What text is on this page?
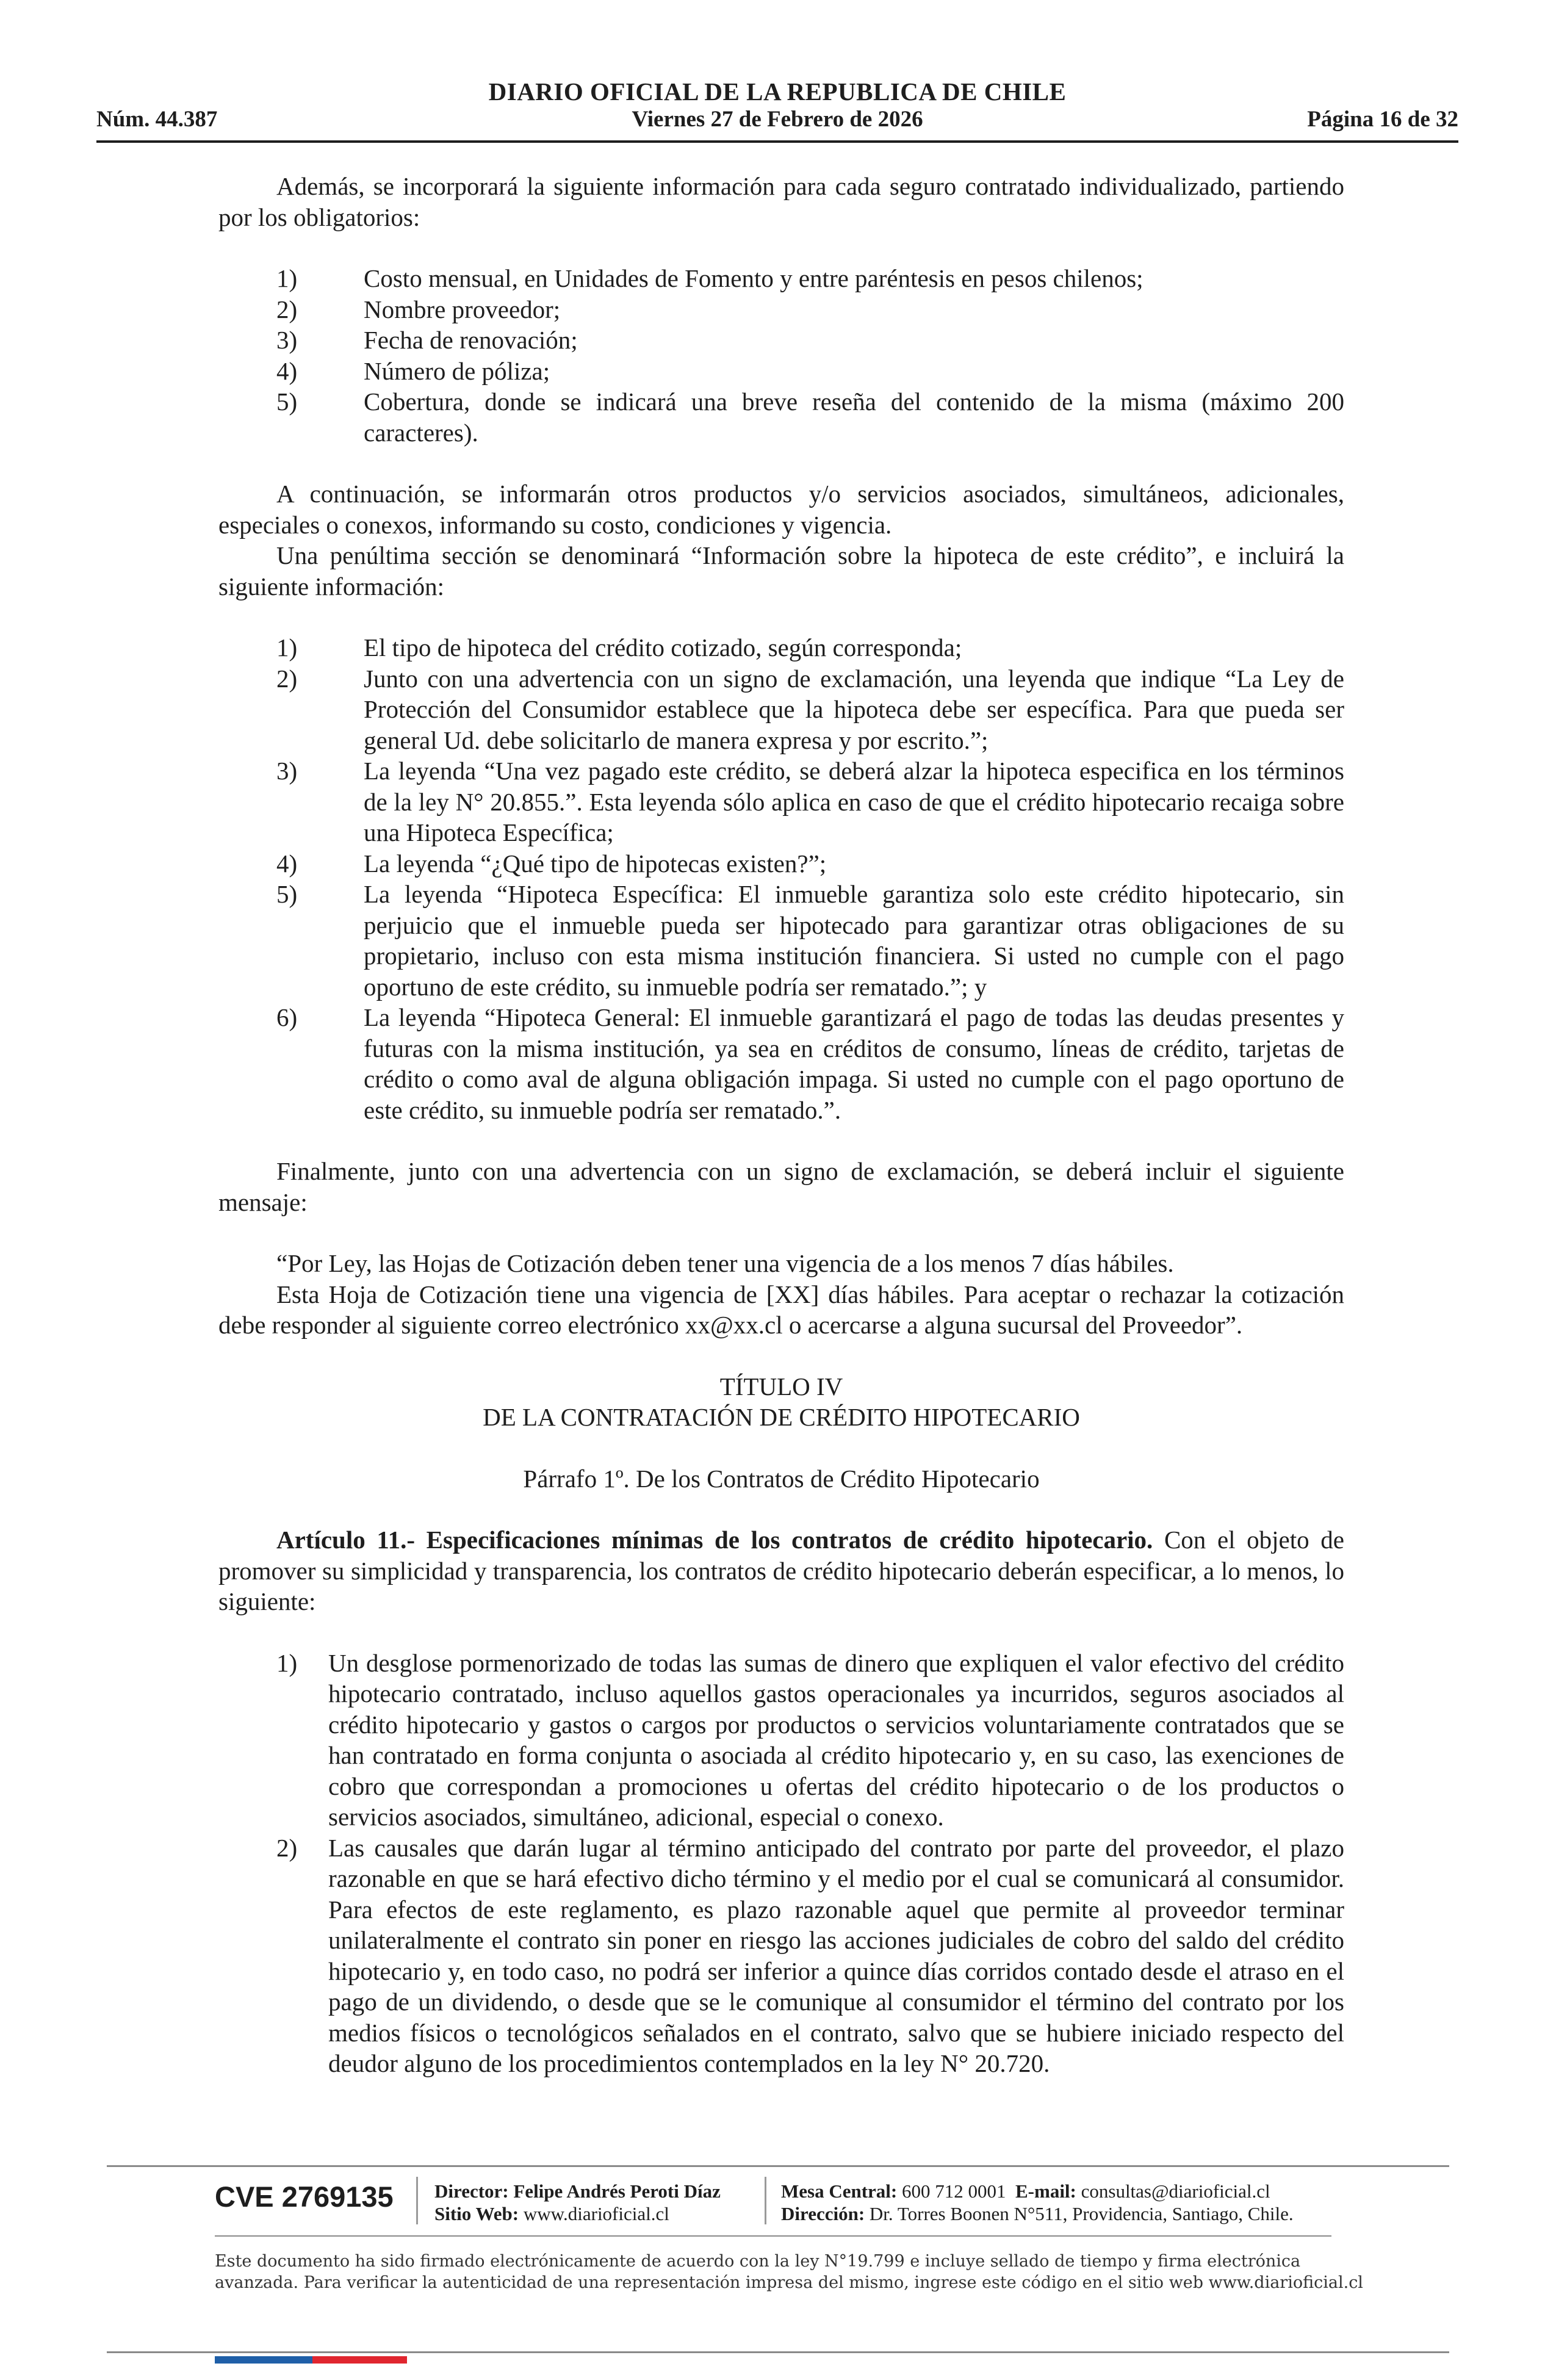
DIARIO OFICIAL DE LA REPUBLICA DE CHILE
Núm. 44.387	Viernes 27 de Febrero de 2026	Página 16 de 32

Además, se incorporará la siguiente información para cada seguro contratado individualizado, partiendo por los obligatorios:

1)	Costo mensual, en Unidades de Fomento y entre paréntesis en pesos chilenos;
2)	Nombre proveedor;
3)	Fecha de renovación;
4)	Número de póliza;
5)	Cobertura, donde se indicará una breve reseña del contenido de la misma (máximo 200 caracteres).

A continuación, se informarán otros productos y/o servicios asociados, simultáneos, adicionales, especiales o conexos, informando su costo, condiciones y vigencia.

Una penúltima sección se denominará “Información sobre la hipoteca de este crédito”, e incluirá la siguiente información:

1)	El tipo de hipoteca del crédito cotizado, según corresponda;
2)	Junto con una advertencia con un signo de exclamación, una leyenda que indique “La Ley de Protección del Consumidor establece que la hipoteca debe ser específica. Para que pueda ser general Ud. debe solicitarlo de manera expresa y por escrito.”;
3)	La leyenda “Una vez pagado este crédito, se deberá alzar la hipoteca especifica en los términos de la ley N° 20.855.”. Esta leyenda sólo aplica en caso de que el crédito hipotecario recaiga sobre una Hipoteca Específica;
4)	La leyenda “¿Qué tipo de hipotecas existen?”;
5)	La leyenda “Hipoteca Específica: El inmueble garantiza solo este crédito hipotecario, sin perjuicio que el inmueble pueda ser hipotecado para garantizar otras obligaciones de su propietario, incluso con esta misma institución financiera. Si usted no cumple con el pago oportuno de este crédito, su inmueble podría ser rematado.”; y
6)	La leyenda “Hipoteca General: El inmueble garantizará el pago de todas las deudas presentes y futuras con la misma institución, ya sea en créditos de consumo, líneas de crédito, tarjetas de crédito o como aval de alguna obligación impaga. Si usted no cumple con el pago oportuno de este crédito, su inmueble podría ser rematado.”.

Finalmente, junto con una advertencia con un signo de exclamación, se deberá incluir el siguiente mensaje:

“Por Ley, las Hojas de Cotización deben tener una vigencia de a los menos 7 días hábiles.

Esta Hoja de Cotización tiene una vigencia de [XX] días hábiles. Para aceptar o rechazar la cotización debe responder al siguiente correo electrónico xx@xx.cl o acercarse a alguna sucursal del Proveedor”.

TÍTULO IV

DE LA CONTRATACIÓN DE CRÉDITO HIPOTECARIO

Párrafo 1º. De los Contratos de Crédito Hipotecario

Artículo 11.- Especificaciones mínimas de los contratos de crédito hipotecario. Con el objeto de promover su simplicidad y transparencia, los contratos de crédito hipotecario deberán especificar, a lo menos, lo siguiente:

1) Un desglose pormenorizado de todas las sumas de dinero que expliquen el valor efectivo del crédito hipotecario contratado, incluso aquellos gastos operacionales ya incurridos, seguros asociados al crédito hipotecario y gastos o cargos por productos o servicios voluntariamente contratados que se han contratado en forma conjunta o asociada al crédito hipotecario y, en su caso, las exenciones de cobro que correspondan a promociones u ofertas del crédito hipotecario o de los productos o servicios asociados, simultáneo, adicional, especial o conexo.
2) Las causales que darán lugar al término anticipado del contrato por parte del proveedor, el plazo razonable en que se hará efectivo dicho término y el medio por el cual se comunicará al consumidor. Para efectos de este reglamento, es plazo razonable aquel que permite al proveedor terminar unilateralmente el contrato sin poner en riesgo las acciones judiciales de cobro del saldo del crédito hipotecario y, en todo caso, no podrá ser inferior a quince días corridos contado desde el atraso en el pago de un dividendo, o desde que se le comunique al consumidor el término del contrato por los medios físicos o tecnológicos señalados en el contrato, salvo que se hubiere iniciado respecto del deudor alguno de los procedimientos contemplados en la ley N° 20.720.
CVE 2769135 Director: Felipe Andrés Peroti Díaz
Sitio Web: www.diarioficial.cl
Mesa Central: 600 712 0001 E-mail: consultas@diarioficial.cl
Dirección: Dr. Torres Boonen N°511, Providencia, Santiago, Chile.
Este documento ha sido firmado electrónicamente de acuerdo con la ley N°19.799 e incluye sellado de tiempo y firma electrónica avanzada. Para verificar la autenticidad de una representación impresa del mismo, ingrese este código en el sitio web www.diarioficial.cl
